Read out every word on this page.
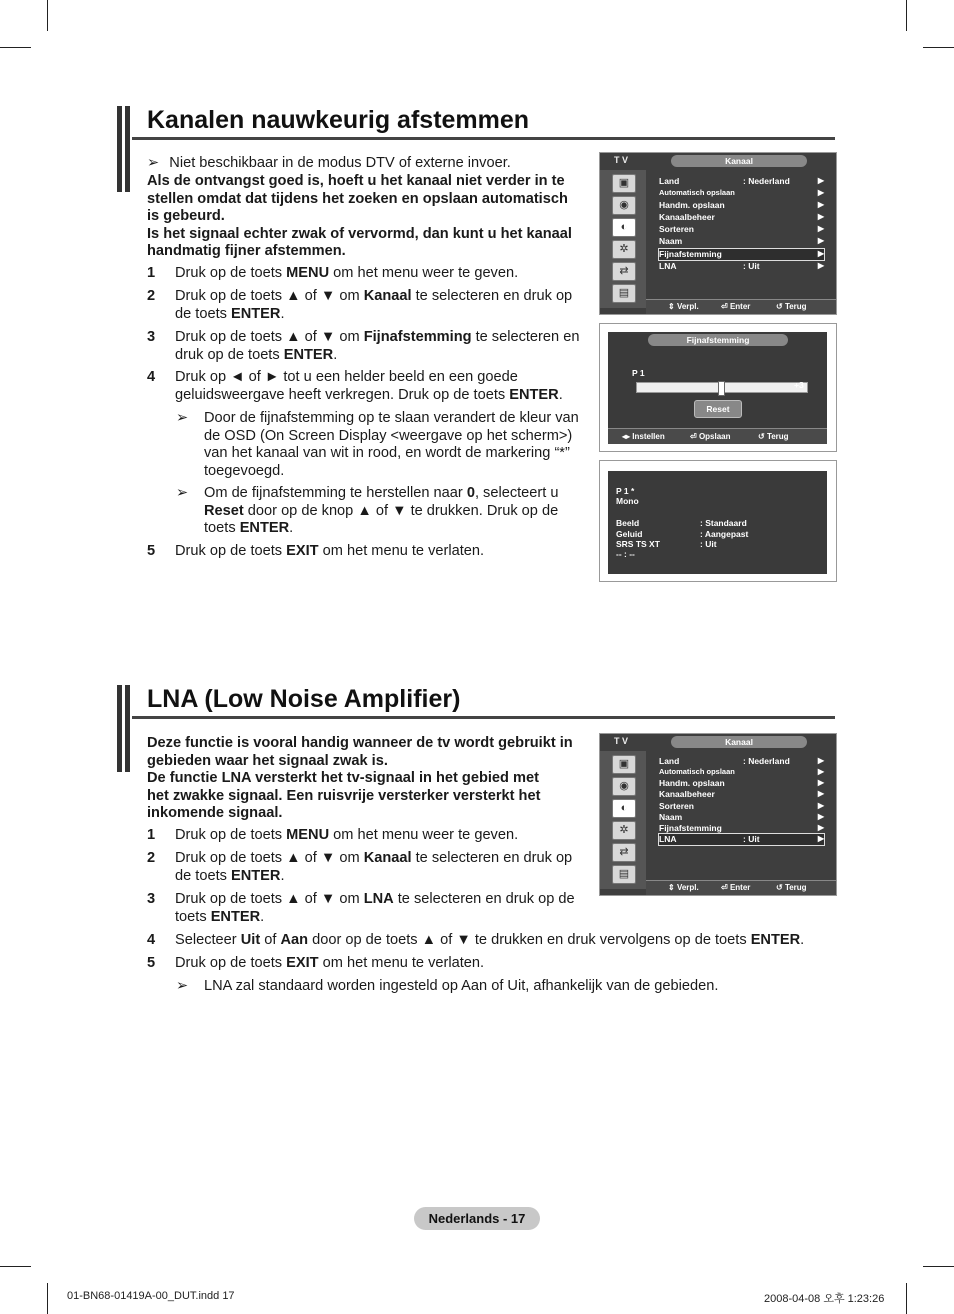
Kanalen nauwkeurig afstemmen
➢ Niet beschikbaar in de modus DTV of externe invoer.
Als de ontvangst goed is, hoeft u het kanaal niet verder in te
stellen omdat dat tijdens het zoeken en opslaan automatisch
is gebeurd.
Is het signaal echter zwak of vervormd, dan kunt u het kanaal
handmatig fijner afstemmen.
1 Druk op de toets MENU om het menu weer te geven.
2 Druk op de toets ▲ of ▼ om Kanaal te selecteren en druk op
de toets ENTER.
3 Druk op de toets ▲ of ▼ om Fijnafstemming te selecteren en
druk op de toets ENTER.
4 Druk op ◄ of ► tot u een helder beeld en een goede
geluidsweergave heeft verkregen. Druk op de toets ENTER.
➢ Door de fijnafstemming op te slaan verandert de kleur van
de OSD (On Screen Display <weergave op het scherm>)
van het kanaal van wit in rood, en wordt de markering “*”
toegevoegd.
➢ Om de fijnafstemming te herstellen naar 0, selecteert u
Reset door op de knop ▲ of ▼ te drukken. Druk op de
toets ENTER.
5 Druk op de toets EXIT om het menu te verlaten.
T V	Kanaal
▣
◉
◐
✲
⇄
▤
Land	: Nederland	▶
Automatisch opslaan	▶
Handm. opslaan	▶
Kanaalbeheer	▶
Sorteren	▶
Naam	▶
Fijnafstemming	▶
LNA	: Uit	▶
⇕ Verpl.	⏎ Enter	↺ Terug
Fijnafstemming
P 1
+3
Reset
◂▸ Instellen	⏎ Opslaan	↺ Terug
P 1 *
Mono
Beeld	: Standaard
Geluid	: Aangepast
SRS TS XT	: Uit
-- : --
LNA (Low Noise Amplifier)
Deze functie is vooral handig wanneer de tv wordt gebruikt in
gebieden waar het signaal zwak is.
De functie LNA versterkt het tv-signaal in het gebied met
het zwakke signaal. Een ruisvrije versterker versterkt het
inkomende signaal.
1 Druk op de toets MENU om het menu weer te geven.
2 Druk op de toets ▲ of ▼ om Kanaal te selecteren en druk op
de toets ENTER.
3 Druk op de toets ▲ of ▼ om LNA te selecteren en druk op de
toets ENTER.
4 Selecteer Uit of Aan door op de toets ▲ of ▼ te drukken en druk vervolgens op de toets ENTER.
5 Druk op de toets EXIT om het menu te verlaten.
➢ LNA zal standaard worden ingesteld op Aan of Uit, afhankelijk van de gebieden.
T V	Kanaal
▣
◉
◐
✲
⇄
▤
Land	: Nederland	▶
Automatisch opslaan	▶
Handm. opslaan	▶
Kanaalbeheer	▶
Sorteren	▶
Naam	▶
Fijnafstemming	▶
LNA	: Uit	▶
⇕ Verpl.	⏎ Enter	↺ Terug
Nederlands - 17
01-BN68-01419A-00_DUT.indd 17	2008-04-08 오후 1:23:26
